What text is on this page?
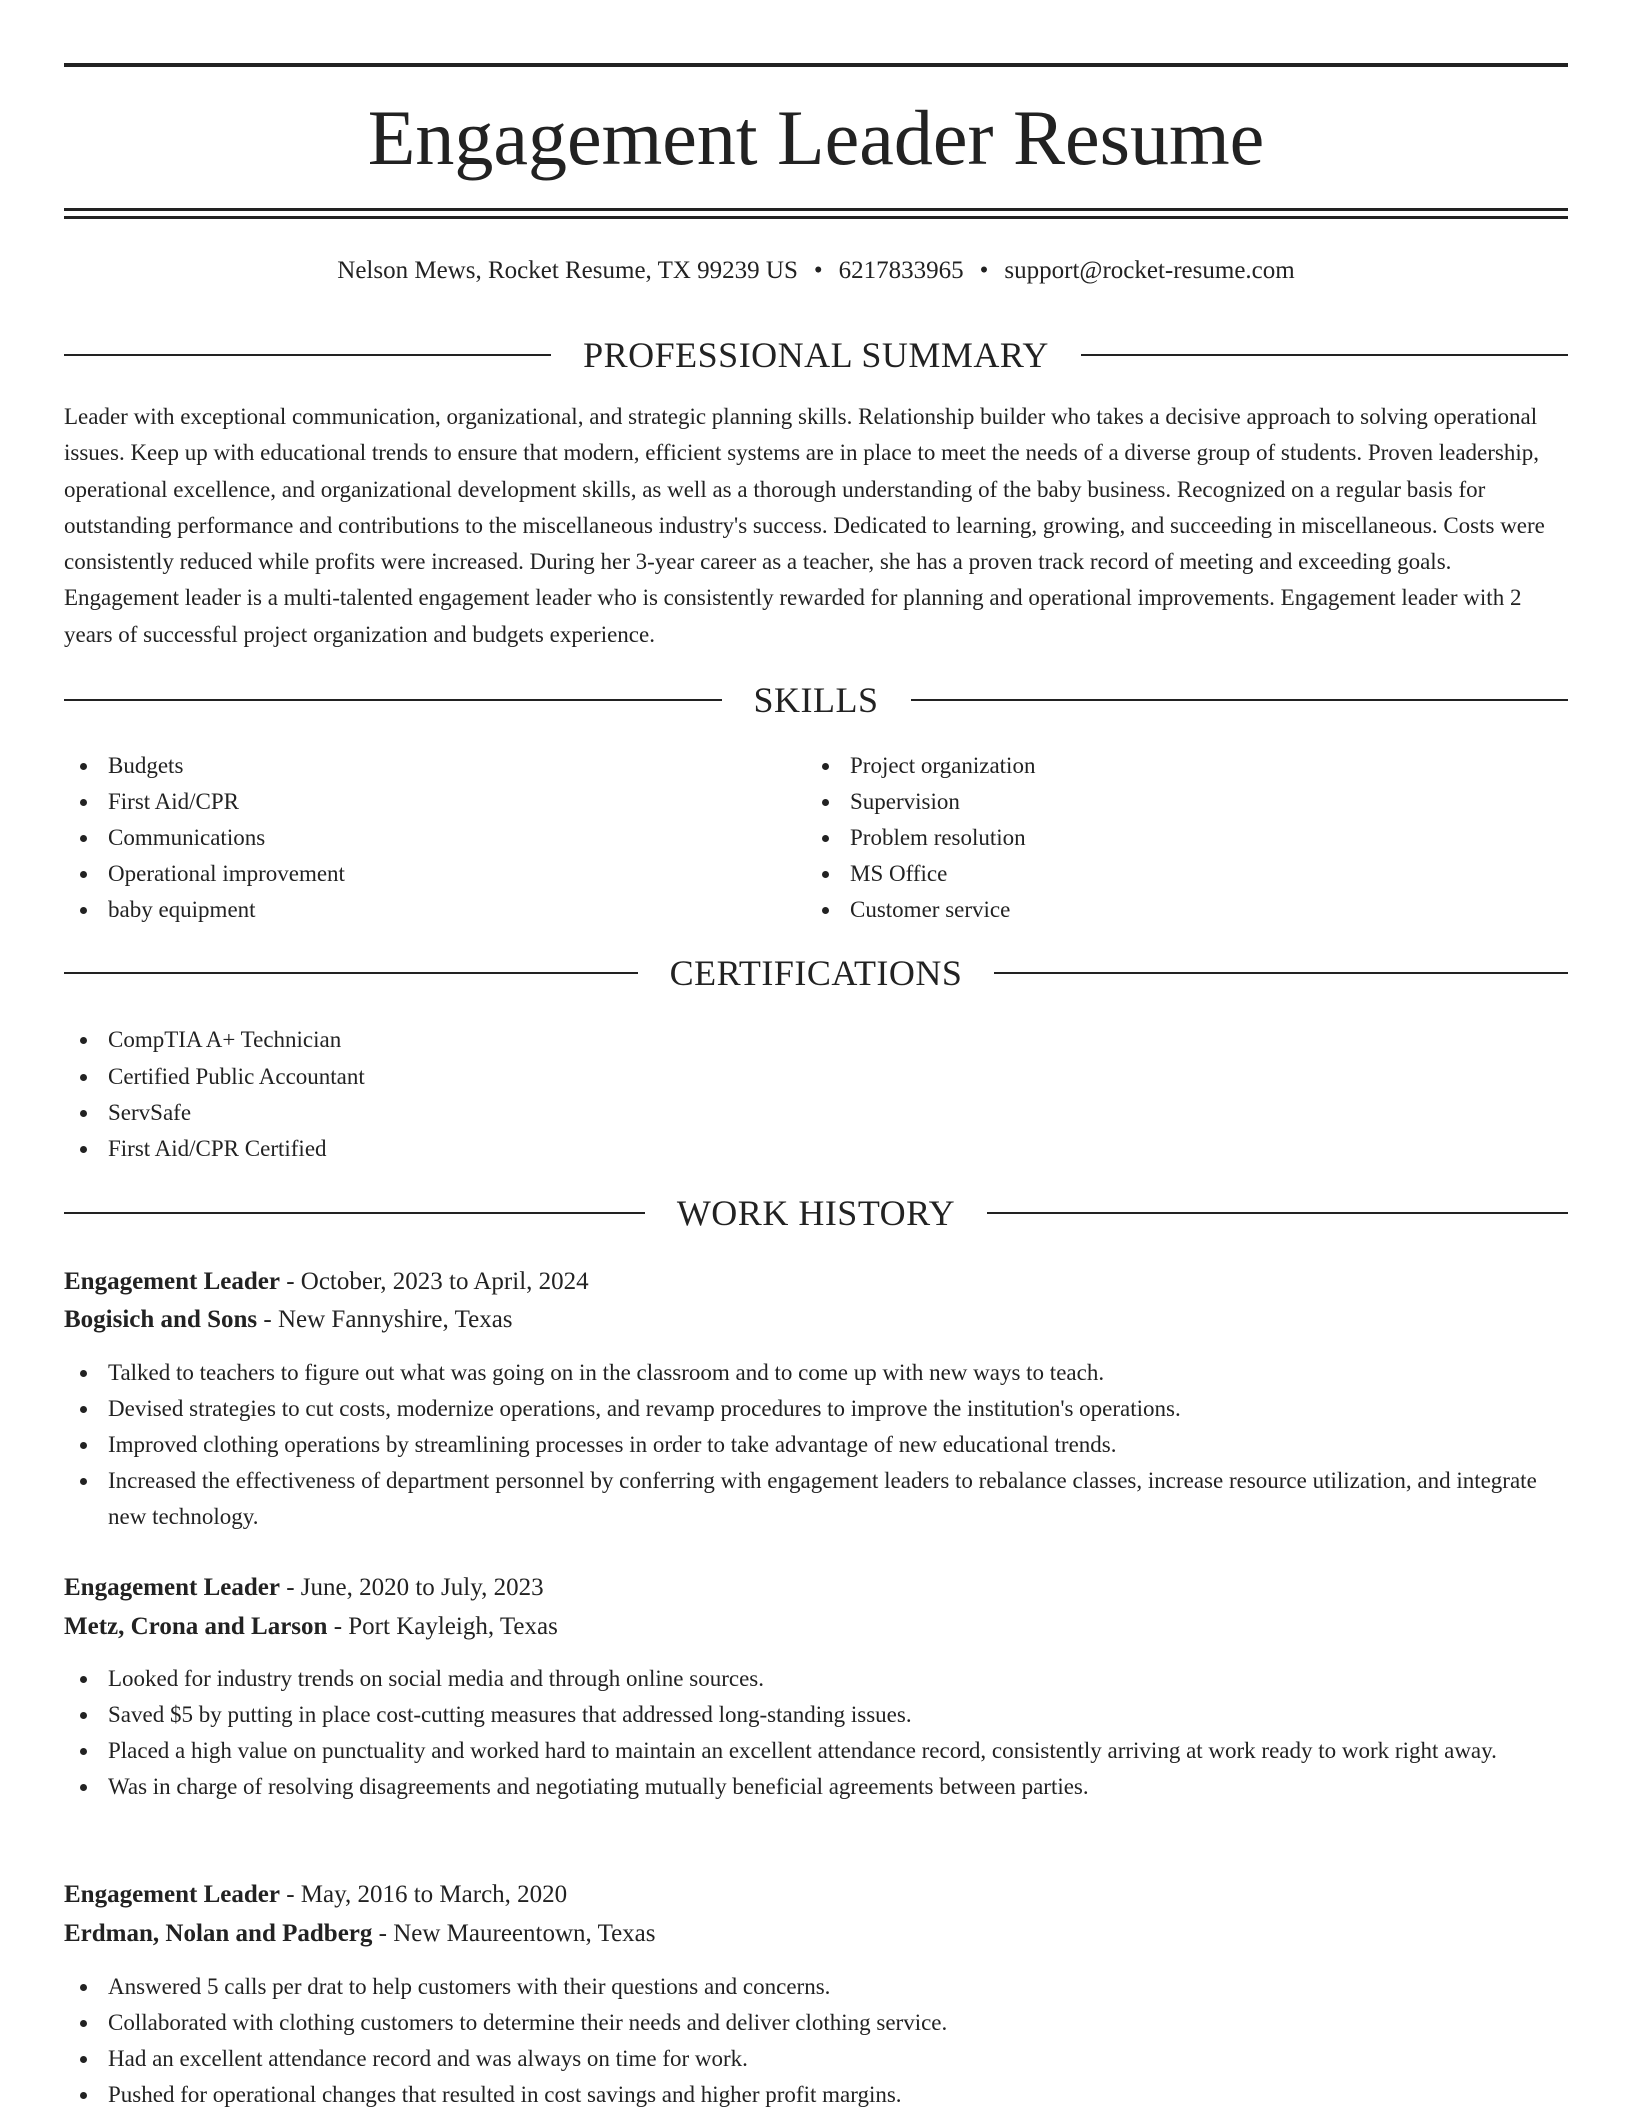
Engagement Leader Resume
Nelson Mews, Rocket Resume, TX 99239 US • 6217833965 • support@rocket-resume.com
PROFESSIONAL SUMMARY

Leader with exceptional communication, organizational, and strategic planning skills. Relationship builder who takes a decisive approach to solving operational issues. Keep up with educational trends to ensure that modern, efficient systems are in place to meet the needs of a diverse group of students. Proven leadership, operational excellence, and organizational development skills, as well as a thorough understanding of the baby business. Recognized on a regular basis for outstanding performance and contributions to the miscellaneous industry's success. Dedicated to learning, growing, and succeeding in miscellaneous. Costs were consistently reduced while profits were increased. During her 3-year career as a teacher, she has a proven track record of meeting and exceeding goals. Engagement leader is a multi-talented engagement leader who is consistently rewarded for planning and operational improvements. Engagement leader with 2 years of successful project organization and budgets experience.

SKILLS
Budgets
First Aid/CPR
Communications
Operational improvement
baby equipment
Project organization
Supervision
Problem resolution
MS Office
Customer service
CERTIFICATIONS
CompTIA A+ Technician
Certified Public Accountant
ServSafe
First Aid/CPR Certified
WORK HISTORY
Engagement Leader - October, 2023 to April, 2024
Bogisich and Sons - New Fannyshire, Texas
Talked to teachers to figure out what was going on in the classroom and to come up with new ways to teach.
Devised strategies to cut costs, modernize operations, and revamp procedures to improve the institution's operations.
Improved clothing operations by streamlining processes in order to take advantage of new educational trends.
Increased the effectiveness of department personnel by conferring with engagement leaders to rebalance classes, increase resource utilization, and integrate new technology.
Engagement Leader - June, 2020 to July, 2023
Metz, Crona and Larson - Port Kayleigh, Texas
Looked for industry trends on social media and through online sources.
Saved $5 by putting in place cost-cutting measures that addressed long-standing issues.
Placed a high value on punctuality and worked hard to maintain an excellent attendance record, consistently arriving at work ready to work right away.
Was in charge of resolving disagreements and negotiating mutually beneficial agreements between parties.
Engagement Leader - May, 2016 to March, 2020
Erdman, Nolan and Padberg - New Maureentown, Texas
Answered 5 calls per drat to help customers with their questions and concerns.
Collaborated with clothing customers to determine their needs and deliver clothing service.
Had an excellent attendance record and was always on time for work.
Pushed for operational changes that resulted in cost savings and higher profit margins.
